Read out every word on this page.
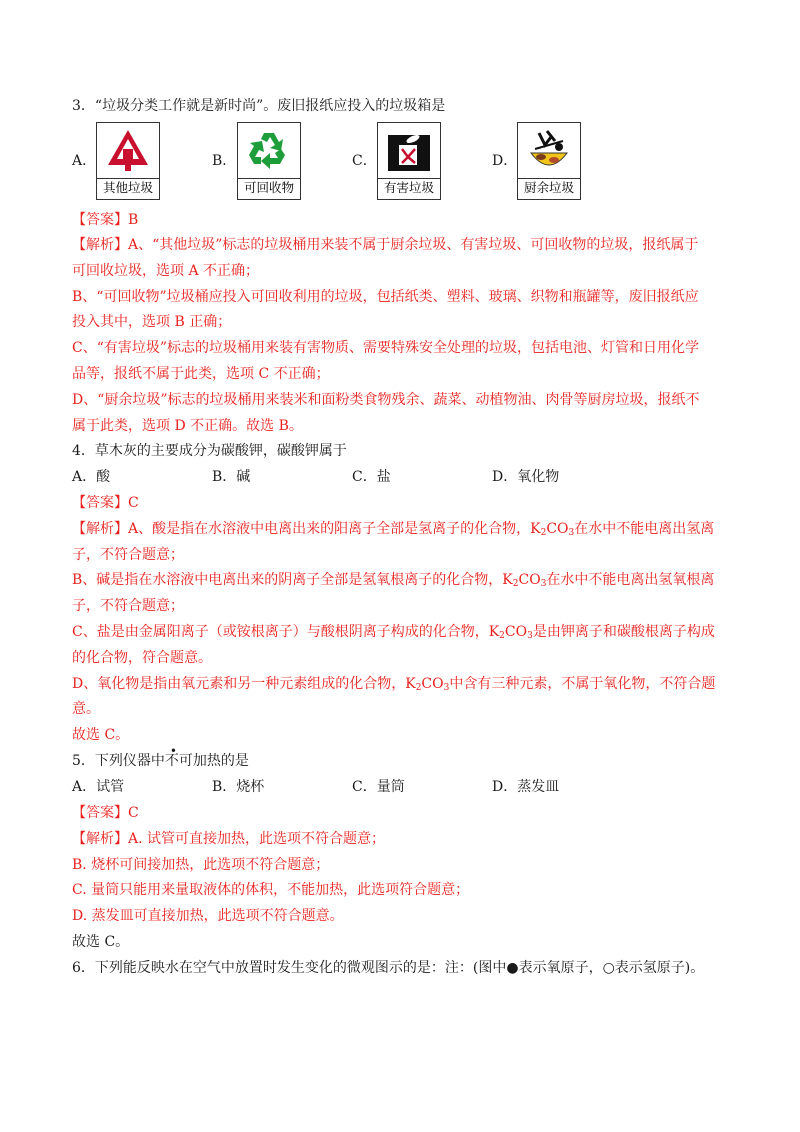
3．“垃圾分类工作就是新时尚”。废旧报纸应投入的垃圾箱是
A．	B．	C．	D．
其他垃圾	可回收物	有害垃圾	厨余垃圾
【答案】B
【解析】A、“其他垃圾”标志的垃圾桶用来装不属于厨余垃圾、有害垃圾、可回收物的垃圾，报纸属于
可回收垃圾，选项 A 不正确；
B、“可回收物”垃圾桶应投入可回收利用的垃圾，包括纸类、塑料、玻璃、织物和瓶罐等，废旧报纸应
投入其中，选项 B 正确；
C、“有害垃圾”标志的垃圾桶用来装有害物质、需要特殊安全处理的垃圾，包括电池、灯管和日用化学
品等，报纸不属于此类，选项 C 不正确；
D、“厨余垃圾”标志的垃圾桶用来装米和面粉类食物残余、蔬菜、动植物油、肉骨等厨房垃圾，报纸不
属于此类，选项 D 不正确。故选 B。
4．草木灰的主要成分为碳酸钾，碳酸钾属于
A．酸	B．碱	C．盐	D．氧化物
【答案】C
【解析】A、酸是指在水溶液中电离出来的阳离子全部是氢离子的化合物，$K_2CO_3$在水中不能电离出氢离
子，不符合题意；
B、碱是指在水溶液中电离出来的阴离子全部是氢氧根离子的化合物，$K_2CO_3$在水中不能电离出氢氧根离
子，不符合题意；
C、盐是由金属阳离子（或铵根离子）与酸根阴离子构成的化合物，$K_2CO_3$是由钾离子和碳酸根离子构成
的化合物，符合题意。
D、氧化物是指由氧元素和另一种元素组成的化合物，$K_2CO_3$中含有三种元素，不属于氧化物，不符合题
意。
故选 C。
5．下列仪器中不可加热的是
A．试管	B．烧杯	C．量筒	D．蒸发皿
【答案】C
【解析】A. 试管可直接加热，此选项不符合题意；
B. 烧杯可间接加热，此选项不符合题意；
C. 量筒只能用来量取液体的体积，不能加热，此选项符合题意；
D. 蒸发皿可直接加热，此选项不符合题意。
故选 C。
6．下列能反映水在空气中放置时发生变化的微观图示的是：注：(图中●表示氧原子，○表示氢原子)。
